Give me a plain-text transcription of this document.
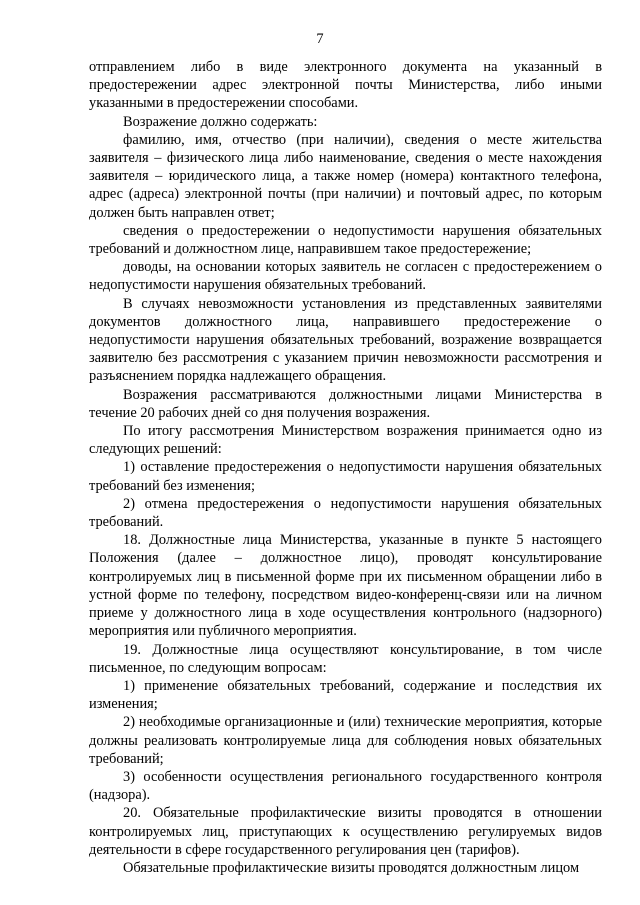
7

отправлением либо в виде электронного документа на указанный в предостережении адрес электронной почты Министерства, либо иными указанными в предостережении способами.

Возражение должно содержать:

фамилию, имя, отчество (при наличии), сведения о месте жительства заявителя – физического лица либо наименование, сведения о месте нахождения заявителя – юридического лица, а также номер (номера) контактного телефона, адрес (адреса) электронной почты (при наличии) и почтовый адрес, по которым должен быть направлен ответ;

сведения о предостережении о недопустимости нарушения обязательных требований и должностном лице, направившем такое предостережение;

доводы, на основании которых заявитель не согласен с предостережением о недопустимости нарушения обязательных требований.

В случаях невозможности установления из представленных заявителями документов должностного лица, направившего предостережение о недопустимости нарушения обязательных требований, возражение возвращается заявителю без рассмотрения с указанием причин невозможности рассмотрения и разъяснением порядка надлежащего обращения.

Возражения рассматриваются должностными лицами Министерства в течение 20 рабочих дней со дня получения возражения.

По итогу рассмотрения Министерством возражения принимается одно из следующих решений:

1) оставление предостережения о недопустимости нарушения обязательных требований без изменения;

2) отмена предостережения о недопустимости нарушения обязательных требований.

18. Должностные лица Министерства, указанные в пункте 5 настоящего Положения (далее – должностное лицо), проводят консультирование контролируемых лиц в письменной форме при их письменном обращении либо в устной форме по телефону, посредством видео-конференц-связи или на личном приеме у должностного лица в ходе осуществления контрольного (надзорного) мероприятия или публичного мероприятия.

19. Должностные лица осуществляют консультирование, в том числе письменное, по следующим вопросам:

1) применение обязательных требований, содержание и последствия их изменения;

2) необходимые организационные и (или) технические мероприятия, которые должны реализовать контролируемые лица для соблюдения новых обязательных требований;

3) особенности осуществления регионального государственного контроля (надзора).

20. Обязательные профилактические визиты проводятся в отношении контролируемых лиц, приступающих к осуществлению регулируемых видов деятельности в сфере государственного регулирования цен (тарифов).

Обязательные профилактические визиты проводятся должностным лицом
